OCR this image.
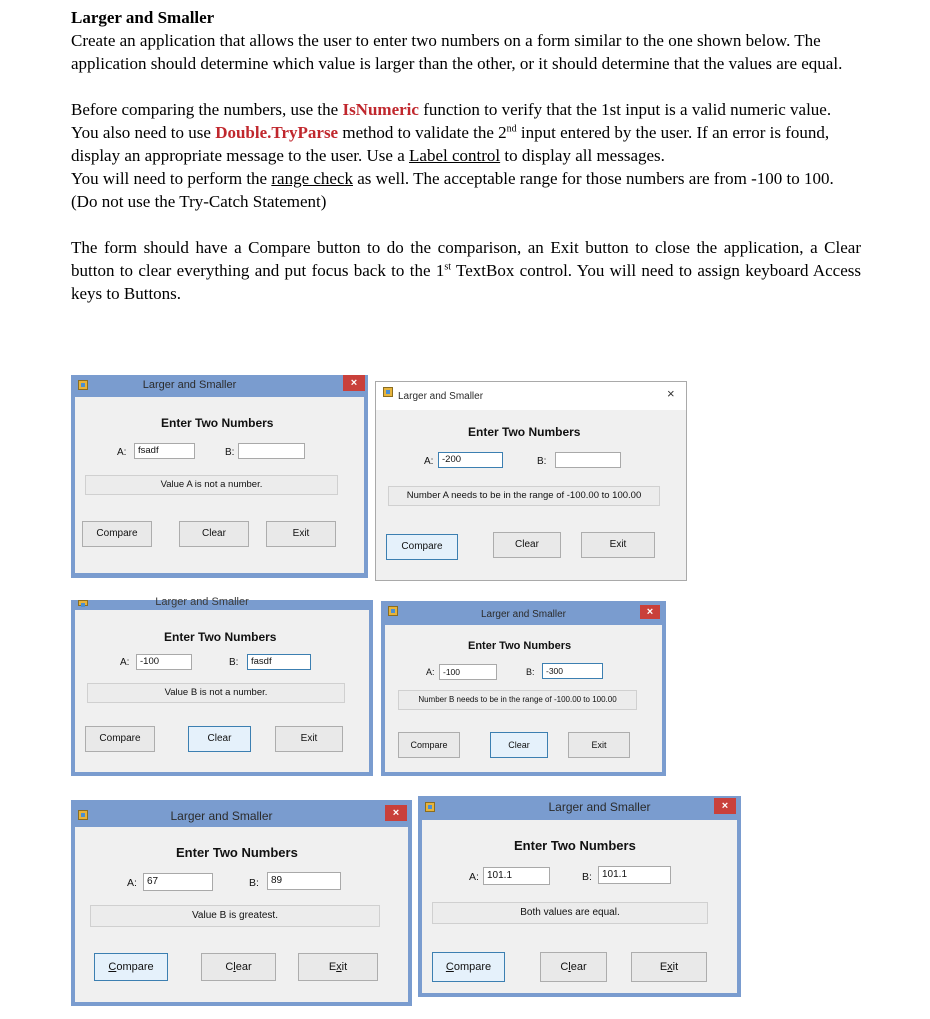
Larger and Smaller

Create an application that allows the user to enter two numbers on a form similar to the one shown below. The application should determine which value is larger than the other, or it should determine that the values are equal.

Before comparing the numbers, use the IsNumeric function to verify that the 1st input is a valid numeric value. You also need to use Double.TryParse method to validate the 2nd input entered by the user. If an error is found, display an appropriate message to the user. Use a Label control to display all messages.

You will need to perform the range check as well. The acceptable range for those numbers are from -100 to 100. (Do not use the Try-Catch Statement)

The form should have a Compare button to do the comparison, an Exit button to close the application, a Clear button to clear everything and put focus back to the 1st TextBox control. You will need to assign keyboard Access keys to Buttons.

Larger and Smaller	×
Enter Two Numbers
A:	fsadf	B:
Value A is not a number.
Compare	Clear	Exit
Larger and Smaller	×
Enter Two Numbers
A: -200	B:
Number A needs to be in the range of -100.00 to 100.00
Compare	Clear	Exit
Larger and Smaller
Enter Two Numbers
A:	-100	B:	fasdf
Value B is not a number.
Compare	Clear	Exit
Larger and Smaller	×
Enter Two Numbers
A: -100	B:	-300
Number B needs to be in the range of -100.00 to 100.00
Compare	Clear	Exit
Larger and Smaller	×
Enter Two Numbers
A:	67	B:	89
Value B is greatest.
Compare	Clear	Exit
Larger and Smaller	×
Enter Two Numbers
A: 101.1	B:	101.1
Both values are equal.
Compare	Clear	Exit
